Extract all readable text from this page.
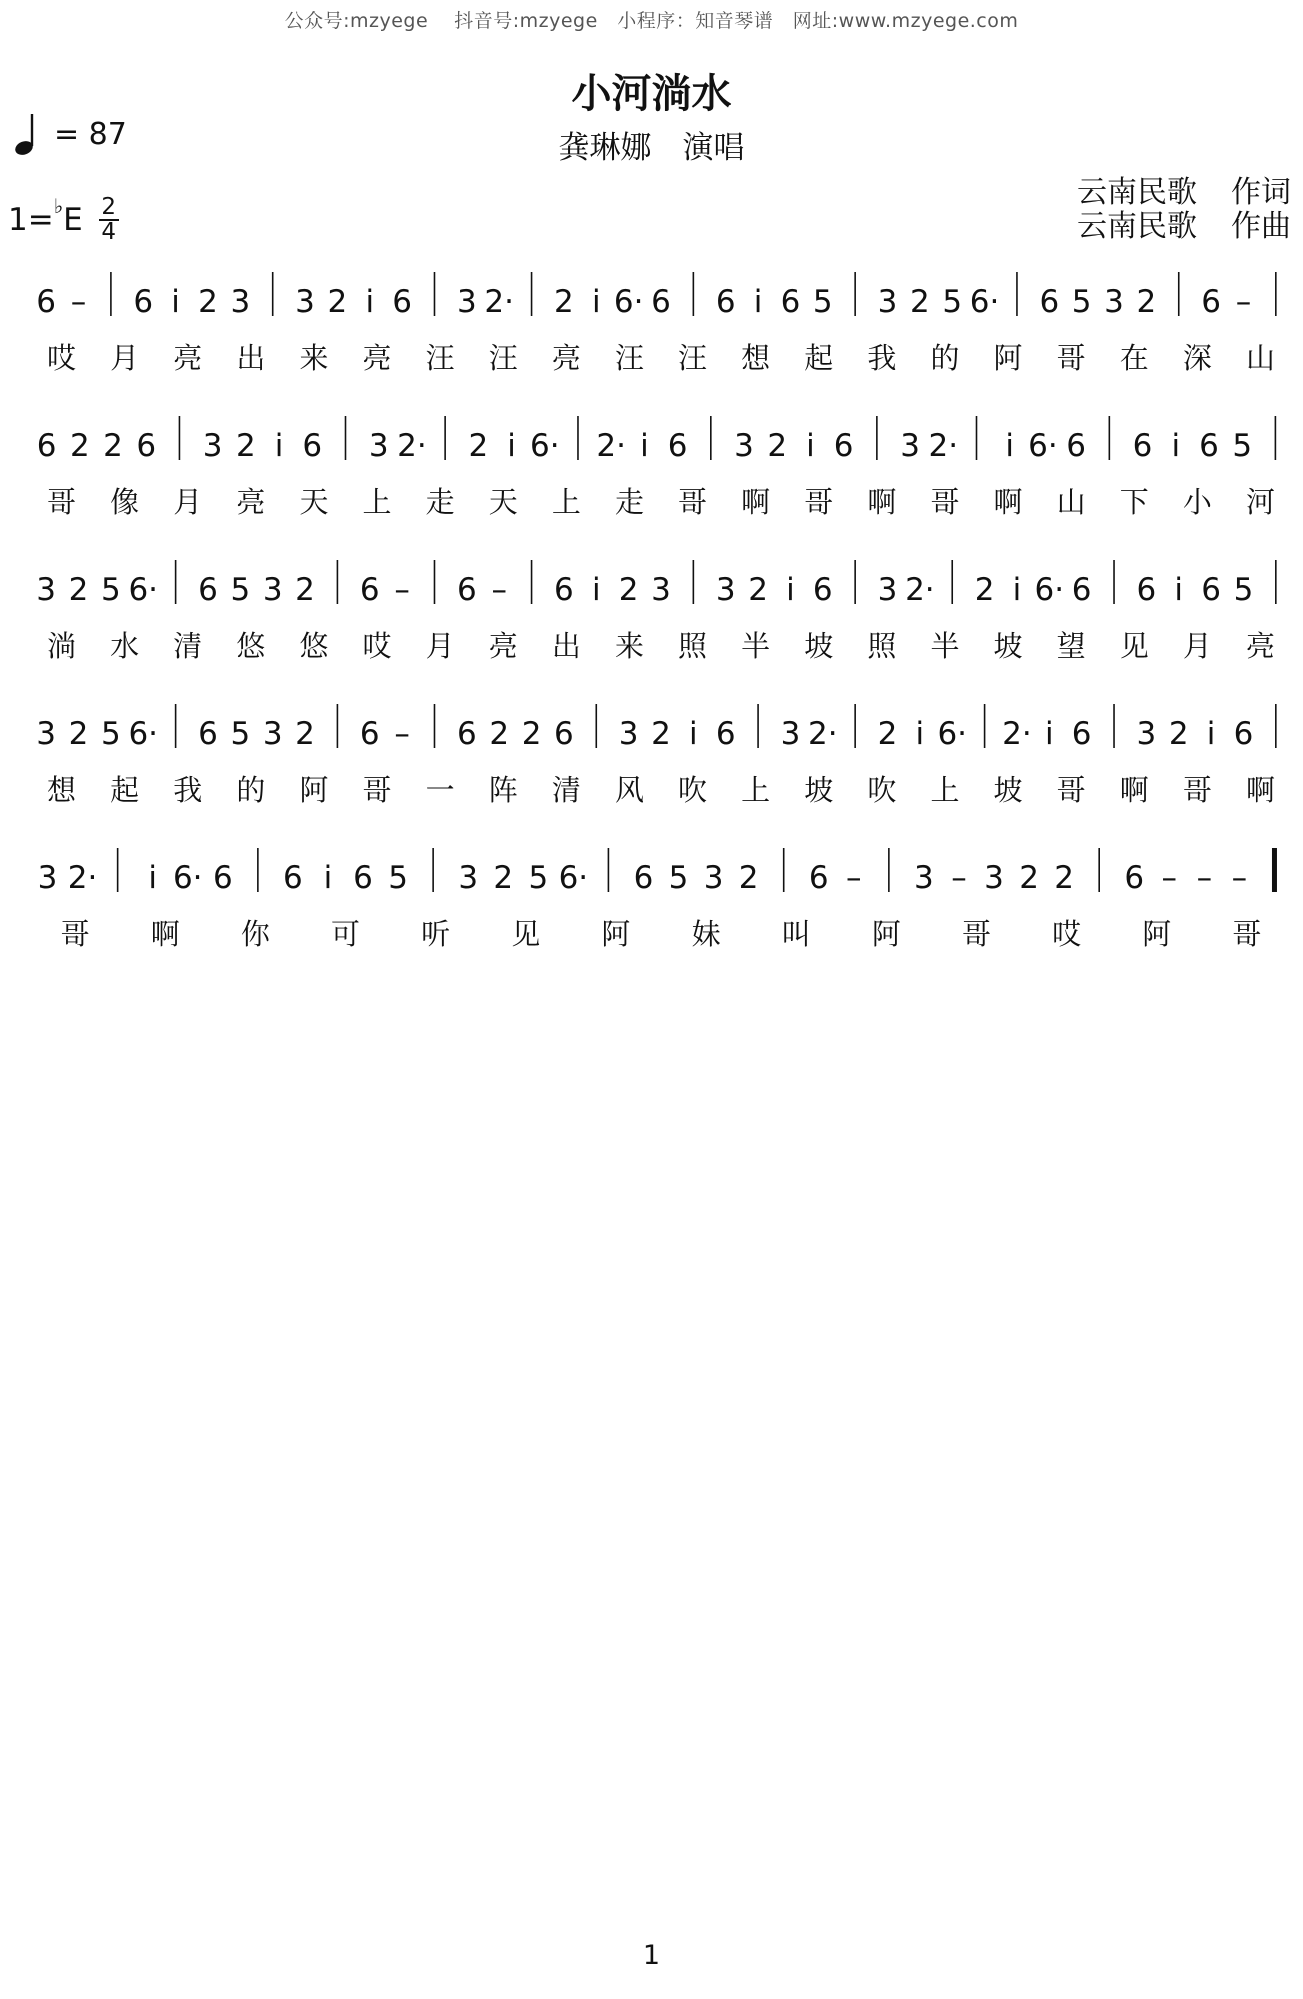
公众号:mzyege　 抖音号:mzyege　小程序：知音琴谱　网址:www.mzyege.com
小河淌水
龚琳娜　演唱
= 87
1= ♭ E 2
4
云南民歌 作词
云南民歌 作曲
6 – 6 i 2 3 3 2 i 6 3 2· 2 i 6· 6 6 i 6 5 3 2 5 6· 6 5 3 2 6 –
哎 月 亮 出 来 亮 汪 汪 亮 汪 汪 想 起 我 的 阿 哥 在 深 山
6 2 2 6 3 2 i 6 3 2· 2 i 6· 2· i 6 3 2 i 6 3 2· i 6· 6 6 i 6 5
哥 像 月 亮 天 上 走 天 上 走 哥 啊 哥 啊 哥 啊 山 下 小 河
3 2 5 6· 6 5 3 2 6 – 6 – 6 i 2 3 3 2 i 6 3 2· 2 i 6· 6 6 i 6 5
淌 水 清 悠 悠 哎 月 亮 出 来 照 半 坡 照 半 坡 望 见 月 亮
3 2 5 6· 6 5 3 2 6 – 6 2 2 6 3 2 i 6 3 2· 2 i 6· 2· i 6 3 2 i 6
想 起 我 的 阿 哥 一 阵 清 风 吹 上 坡 吹 上 坡 哥 啊 哥 啊
3 2· i 6· 6 6 i 6 5 3 2 5 6· 6 5 3 2 6 – 3 – 3 2 2 6 – – –
哥 啊 你 可 听 见 阿 妹 叫 阿 哥 哎 阿 哥
1
